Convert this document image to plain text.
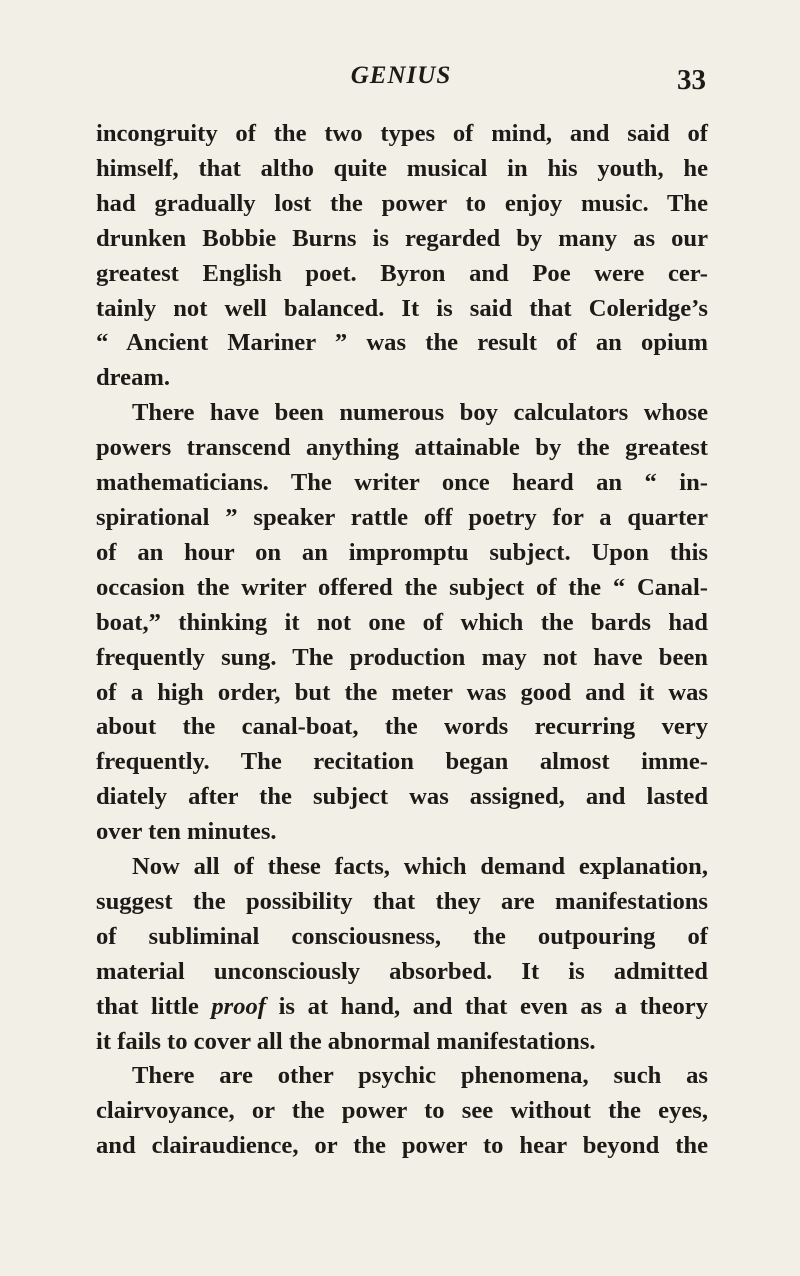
GENIUS	33
incongruity of the two types of mind, and said of
himself, that altho quite musical in his youth, he
had gradually lost the power to enjoy music. The
drunken Bobbie Burns is regarded by many as our
greatest English poet. Byron and Poe were cer-
tainly not well balanced. It is said that Coleridge’s
“ Ancient Mariner ” was the result of an opium
dream.
There have been numerous boy calculators whose
powers transcend anything attainable by the greatest
mathematicians. The writer once heard an “ in-
spirational ” speaker rattle off poetry for a quarter
of an hour on an impromptu subject. Upon this
occasion the writer offered the subject of the “ Canal-
boat,” thinking it not one of which the bards had
frequently sung. The production may not have been
of a high order, but the meter was good and it was
about the canal-boat, the words recurring very
frequently. The recitation began almost imme-
diately after the subject was assigned, and lasted
over ten minutes.
Now all of these facts, which demand explanation,
suggest the possibility that they are manifestations
of subliminal consciousness, the outpouring of
material unconsciously absorbed. It is admitted
that little proof is at hand, and that even as a theory
it fails to cover all the abnormal manifestations.
There are other psychic phenomena, such as
clairvoyance, or the power to see without the eyes,
and clairaudience, or the power to hear beyond the
